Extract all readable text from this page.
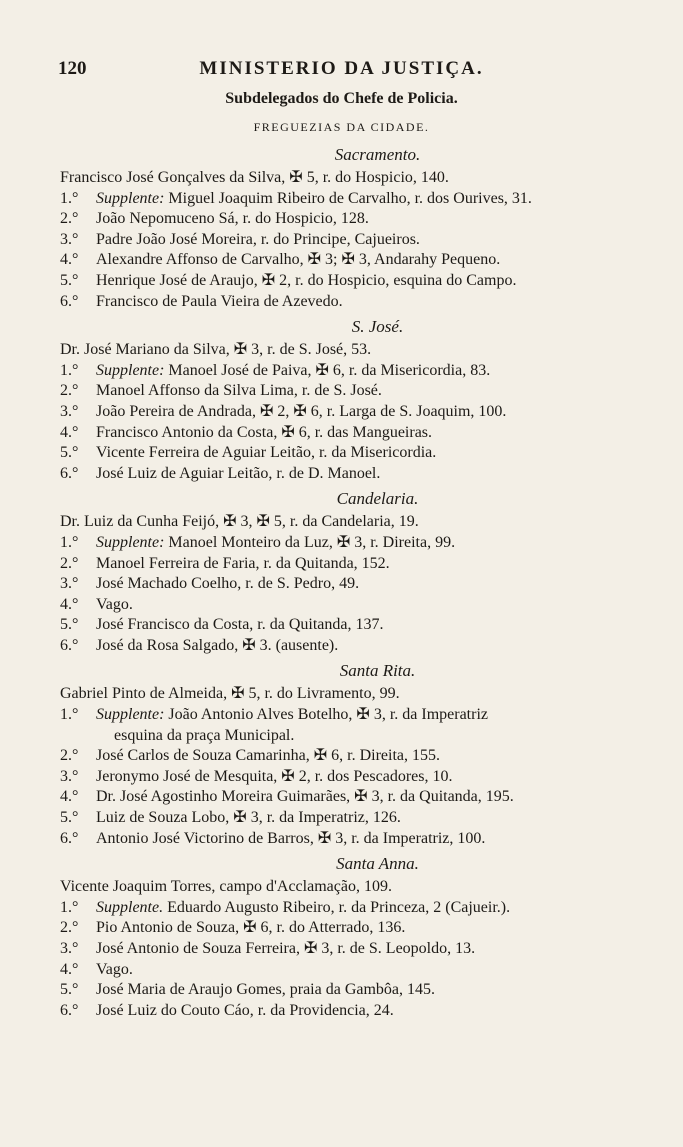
120	MINISTERIO DA JUSTIÇA.
Subdelegados do Chefe de Policia.
FREGUEZIAS DA CIDADE.
Sacramento.
Francisco José Gonçalves da Silva, ✠ 5, r. do Hospicio, 140.
1.° Supplente: Miguel Joaquim Ribeiro de Carvalho, r. dos Ourives, 31.
2.° João Nepomuceno Sá, r. do Hospicio, 128.
3.° Padre João José Moreira, r. do Principe, Cajueiros.
4.° Alexandre Affonso de Carvalho, ✠ 3; ✠ 3, Andarahy Pequeno.
5.° Henrique José de Araujo, ✠ 2, r. do Hospicio, esquina do Campo.
6.° Francisco de Paula Vieira de Azevedo.
S. José.
Dr. José Mariano da Silva, ✠ 3, r. de S. José, 53.
1.° Supplente: Manoel José de Paiva, ✠ 6, r. da Misericordia, 83.
2.° Manoel Affonso da Silva Lima, r. de S. José.
3.° João Pereira de Andrada, ✠ 2, ✠ 6, r. Larga de S. Joaquim, 100.
4.° Francisco Antonio da Costa, ✠ 6, r. das Mangueiras.
5.° Vicente Ferreira de Aguiar Leitão, r. da Misericordia.
6.° José Luiz de Aguiar Leitão, r. de D. Manoel.
Candelaria.
Dr. Luiz da Cunha Feijó, ✠ 3, ✠ 5, r. da Candelaria, 19.
1.° Supplente: Manoel Monteiro da Luz, ✠ 3, r. Direita, 99.
2.° Manoel Ferreira de Faria, r. da Quitanda, 152.
3.° José Machado Coelho, r. de S. Pedro, 49.
4.° Vago.
5.° José Francisco da Costa, r. da Quitanda, 137.
6.° José da Rosa Salgado, ✠ 3. (ausente).
Santa Rita.
Gabriel Pinto de Almeida, ✠ 5, r. do Livramento, 99.
1.° Supplente: João Antonio Alves Botelho, ✠ 3, r. da Imperatriz
esquina da praça Municipal.
2.° José Carlos de Souza Camarinha, ✠ 6, r. Direita, 155.
3.° Jeronymo José de Mesquita, ✠ 2, r. dos Pescadores, 10.
4.° Dr. José Agostinho Moreira Guimarães, ✠ 3, r. da Quitanda, 195.
5.° Luiz de Souza Lobo, ✠ 3, r. da Imperatriz, 126.
6.° Antonio José Victorino de Barros, ✠ 3, r. da Imperatriz, 100.
Santa Anna.
Vicente Joaquim Torres, campo d'Acclamação, 109.
1.° Supplente. Eduardo Augusto Ribeiro, r. da Princeza, 2 (Cajueir.).
2.° Pio Antonio de Souza, ✠ 6, r. do Atterrado, 136.
3.° José Antonio de Souza Ferreira, ✠ 3, r. de S. Leopoldo, 13.
4.° Vago.
5.° José Maria de Araujo Gomes, praia da Gambôa, 145.
6.° José Luiz do Couto Cáo, r. da Providencia, 24.
